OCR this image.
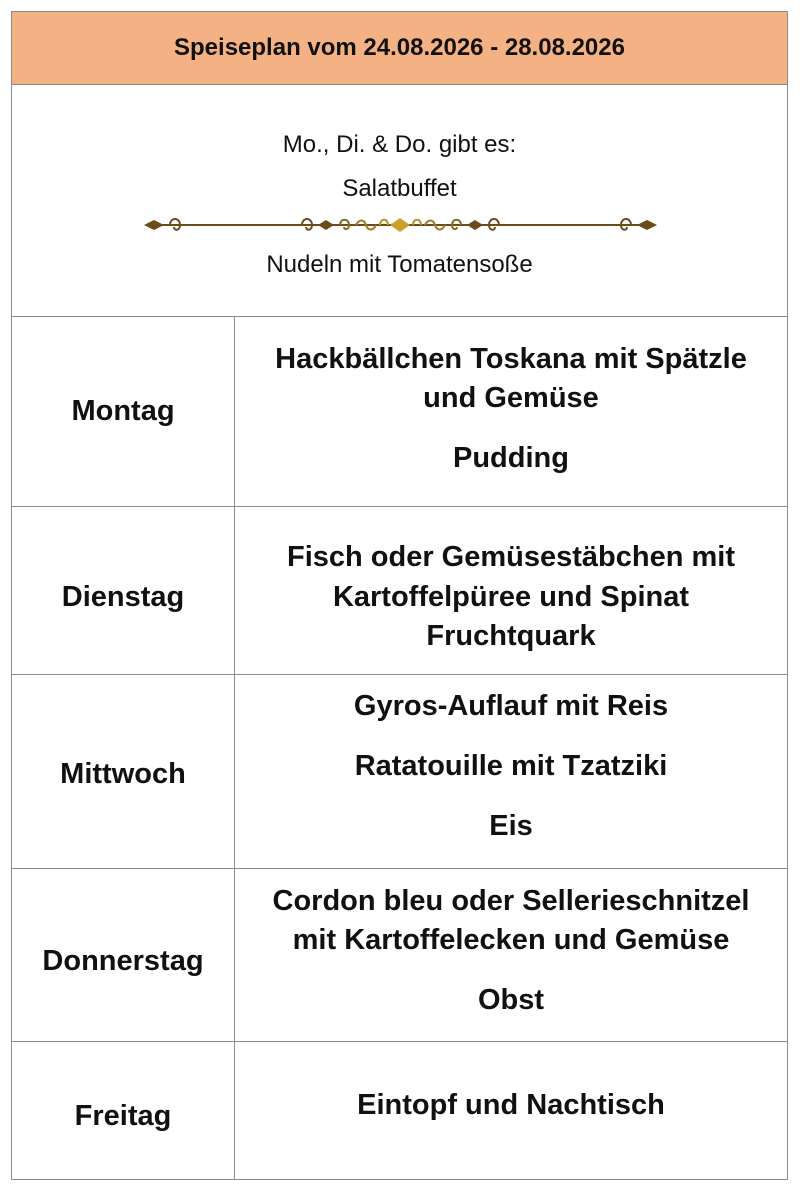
Speiseplan vom 24.08.2026 - 28.08.2026
Mo., Di. & Do. gibt es:
Salatbuffet
Nudeln mit Tomatensoße
Montag
Hackbällchen Toskana mit Spätzle
und Gemüse
Pudding
Dienstag
Fisch oder Gemüsestäbchen mit
Kartoffelpüree und Spinat
Fruchtquark
Mittwoch
Gyros-Auflauf mit Reis
Ratatouille mit Tzatziki
Eis
Donnerstag
Cordon bleu oder Sellerieschnitzel
mit Kartoffelecken und Gemüse
Obst
Freitag	Eintopf und Nachtisch
